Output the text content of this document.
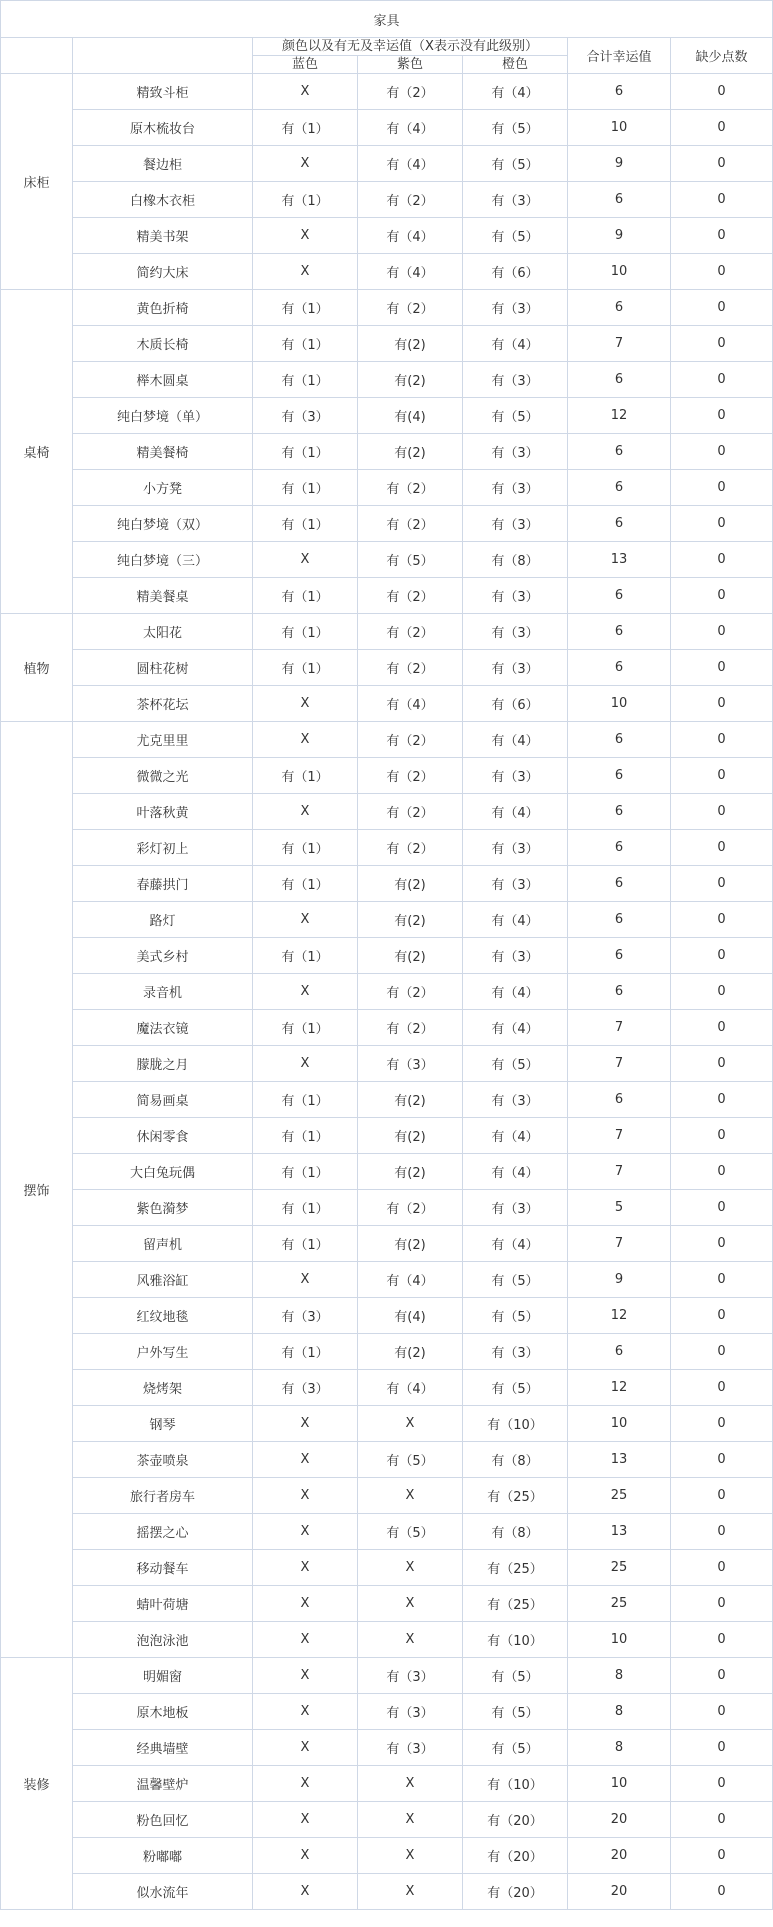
家具						
		颜色以及有无及幸运值（X表示没有此级别）			合计幸运值	缺少点数
		蓝色	紫色	橙色		
床柜	精致斗柜	X	有（2）	有（4）	6	0
	原木梳妆台	有（1）	有（4）	有（5）	10	0
	餐边柜	X	有（4）	有（5）	9	0
	白橡木衣柜	有（1）	有（2）	有（3）	6	0
	精美书架	X	有（4）	有（5）	9	0
	简约大床	X	有（4）	有（6）	10	0
桌椅	黄色折椅	有（1）	有（2）	有（3）	6	0
	木质长椅	有（1）	有(2)	有（4）	7	0
	榉木圆桌	有（1）	有(2)	有（3）	6	0
	纯白梦境（单）	有（3）	有(4)	有（5）	12	0
	精美餐椅	有（1）	有(2)	有（3）	6	0
	小方凳	有（1）	有（2）	有（3）	6	0
	纯白梦境（双）	有（1）	有（2）	有（3）	6	0
	纯白梦境（三）	X	有（5）	有（8）	13	0
	精美餐桌	有（1）	有（2）	有（3）	6	0
植物	太阳花	有（1）	有（2）	有（3）	6	0
	圆柱花树	有（1）	有（2）	有（3）	6	0
	茶杯花坛	X	有（4）	有（6）	10	0
摆饰	尤克里里	X	有（2）	有（4）	6	0
	微微之光	有（1）	有（2）	有（3）	6	0
	叶落秋黄	X	有（2）	有（4）	6	0
	彩灯初上	有（1）	有（2）	有（3）	6	0
	春藤拱门	有（1）	有(2)	有（3）	6	0
	路灯	X	有(2)	有（4）	6	0
	美式乡村	有（1）	有(2)	有（3）	6	0
	录音机	X	有（2）	有（4）	6	0
	魔法衣镜	有（1）	有（2）	有（4）	7	0
	朦胧之月	X	有（3）	有（5）	7	0
	简易画桌	有（1）	有(2)	有（3）	6	0
	休闲零食	有（1）	有(2)	有（4）	7	0
	大白兔玩偶	有（1）	有(2)	有（4）	7	0
	紫色漪梦	有（1）	有（2）	有（3）	5	0
	留声机	有（1）	有(2)	有（4）	7	0
	风雅浴缸	X	有（4）	有（5）	9	0
	红纹地毯	有（3）	有(4)	有（5）	12	0
	户外写生	有（1）	有(2)	有（3）	6	0
	烧烤架	有（3）	有（4）	有（5）	12	0
	钢琴	X	X	有（10）	10	0
	茶壶喷泉	X	有（5）	有（8）	13	0
	旅行者房车	X	X	有（25）	25	0
	摇摆之心	X	有（5）	有（8）	13	0
	移动餐车	X	X	有（25）	25	0
	蜻叶荷塘	X	X	有（25）	25	0
	泡泡泳池	X	X	有（10）	10	0
装修	明媚窗	X	有（3）	有（5）	8	0
	原木地板	X	有（3）	有（5）	8	0
	经典墙壁	X	有（3）	有（5）	8	0
	温馨壁炉	X	X	有（10）	10	0
	粉色回忆	X	X	有（20）	20	0
	粉嘟嘟	X	X	有（20）	20	0
	似水流年	X	X	有（20）	20	0
